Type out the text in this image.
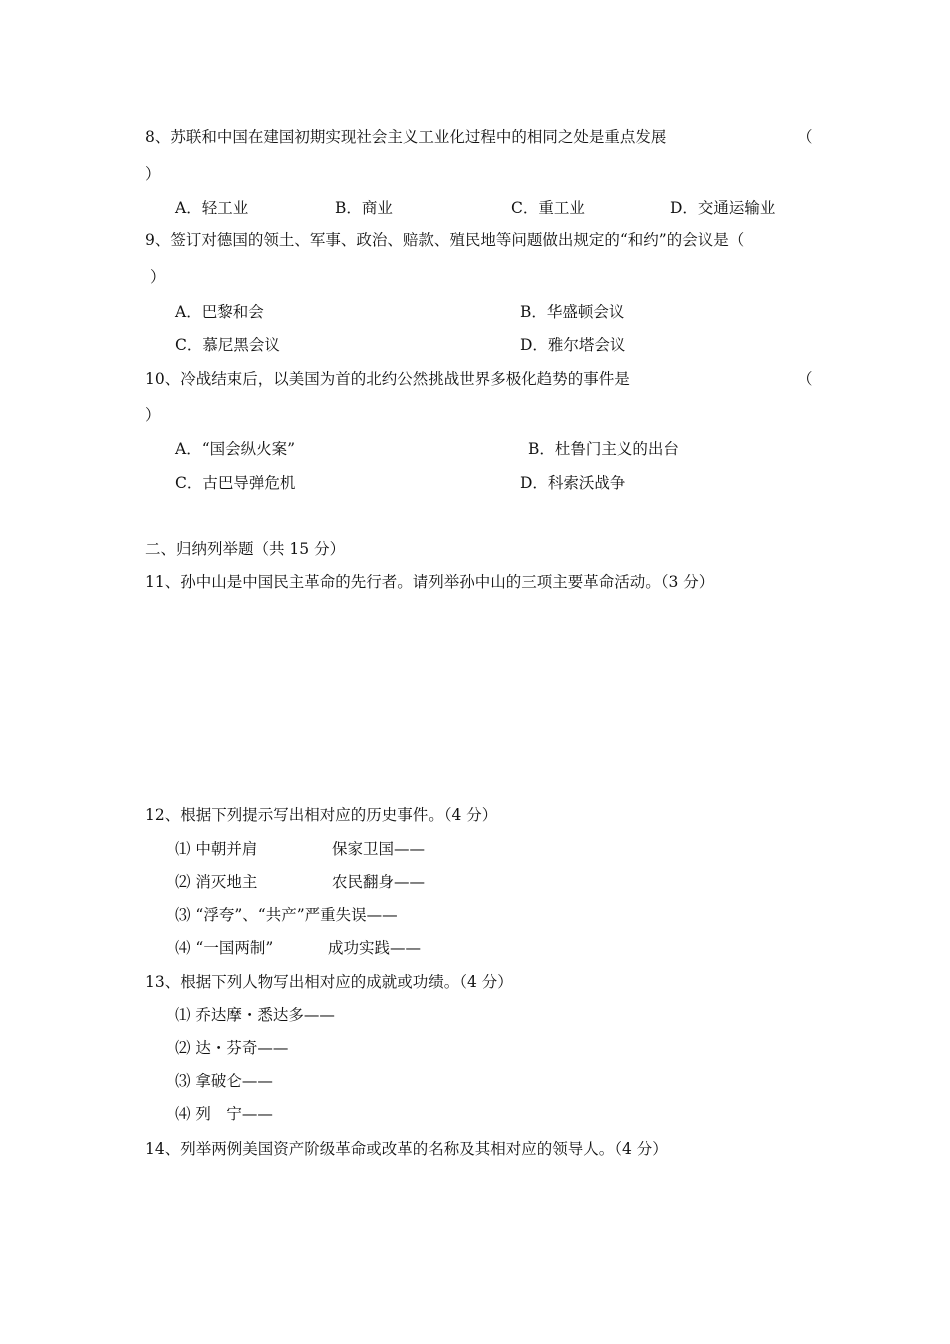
8、苏联和中国在建国初期实现社会主义工业化过程中的相同之处是重点发展	（
）
A．轻工业	B．商业	C．重工业	D．交通运输业
9、签订对德国的领土、军事、政治、赔款、殖民地等问题做出规定的“和约”的会议是（
）
A．巴黎和会	B．华盛顿会议
C．慕尼黑会议	D．雅尔塔会议
10、冷战结束后，以美国为首的北约公然挑战世界多极化趋势的事件是	（
）
A．“国会纵火案”	B．杜鲁门主义的出台
C．古巴导弹危机	D．科索沃战争
二、归纳列举题（共 15 分）
11、孙中山是中国民主革命的先行者。请列举孙中山的三项主要革命活动。（3 分）
12、根据下列提示写出相对应的历史事件。（4 分）
⑴ 中朝并肩	保家卫国——
⑵ 消灭地主	农民翻身——
⑶ “浮夸”、“共产”严重失误——
⑷ “一国两制”	成功实践——
13、根据下列人物写出相对应的成就或功绩。（4 分）
⑴ 乔达摩・悉达多——
⑵ 达・芬奇——
⑶ 拿破仑——
⑷ 列　宁——
14、列举两例美国资产阶级革命或改革的名称及其相对应的领导人。（4 分）
